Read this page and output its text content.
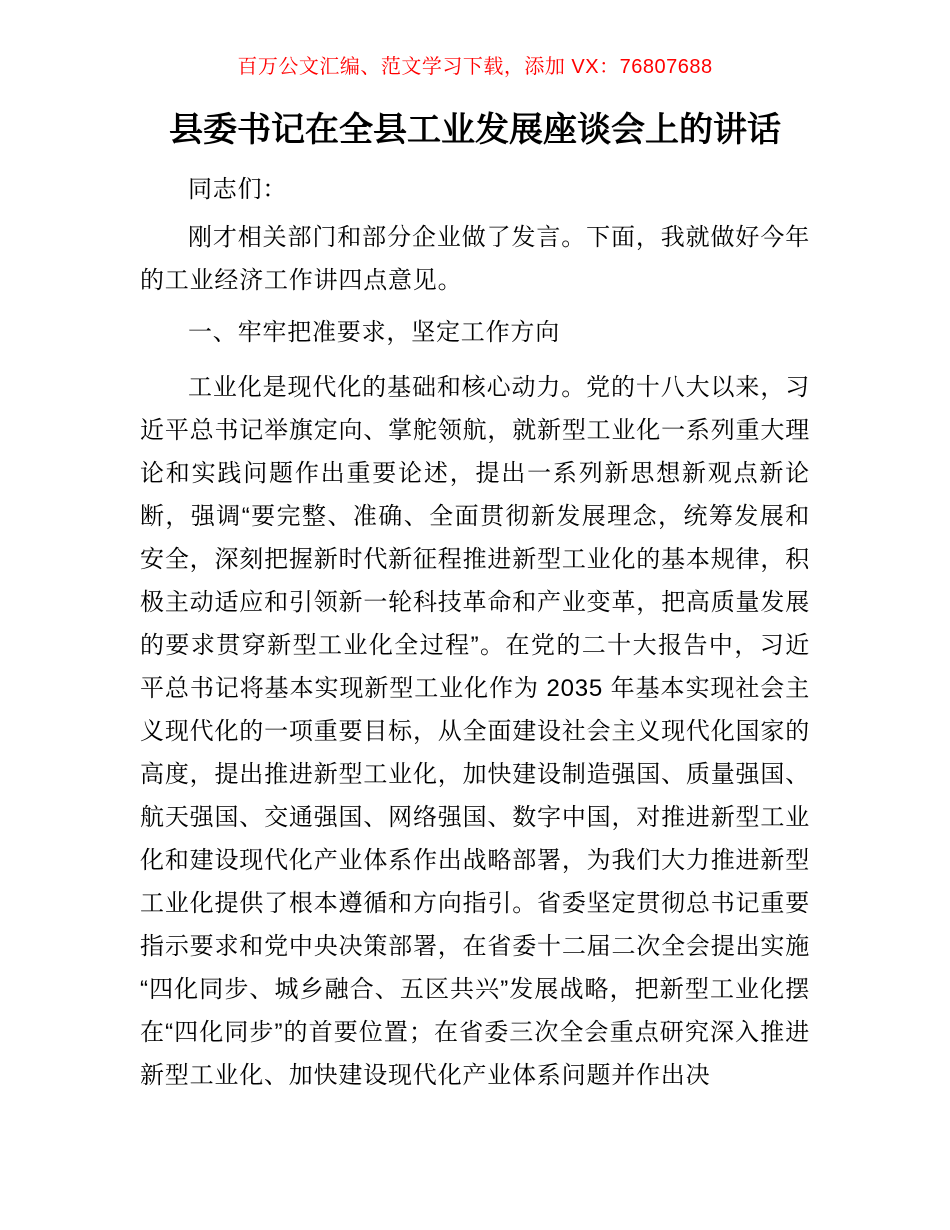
百万公文汇编、范文学习下载，添加 VX：76807688
县委书记在全县工业发展座谈会上的讲话

同志们：

刚才相关部门和部分企业做了发言。下面，我就做好今年的工业经济工作讲四点意见。

一、牢牢把准要求，坚定工作方向

工业化是现代化的基础和核心动力。党的十八大以来，习近平总书记举旗定向、掌舵领航，就新型工业化一系列重大理论和实践问题作出重要论述，提出一系列新思想新观点新论断，强调“要完整、准确、全面贯彻新发展理念，统筹发展和安全，深刻把握新时代新征程推进新型工业化的基本规律，积极主动适应和引领新一轮科技革命和产业变革，把高质量发展的要求贯穿新型工业化全过程”。在党的二十大报告中，习近平总书记将基本实现新型工业化作为 2035 年基本实现社会主义现代化的一项重要目标，从全面建设社会主义现代化国家的高度，提出推进新型工业化，加快建设制造强国、质量强国、航天强国、交通强国、网络强国、数字中国，对推进新型工业化和建设现代化产业体系作出战略部署，为我们大力推进新型工业化提供了根本遵循和方向指引。省委坚定贯彻总书记重要指示要求和党中央决策部署，在省委十二届二次全会提出实施“四化同步、城乡融合、五区共兴”发展战略，把新型工业化摆在“四化同步”的首要位置；在省委三次全会重点研究深入推进新型工业化、加快建设现代化产业体系问题并作出决
